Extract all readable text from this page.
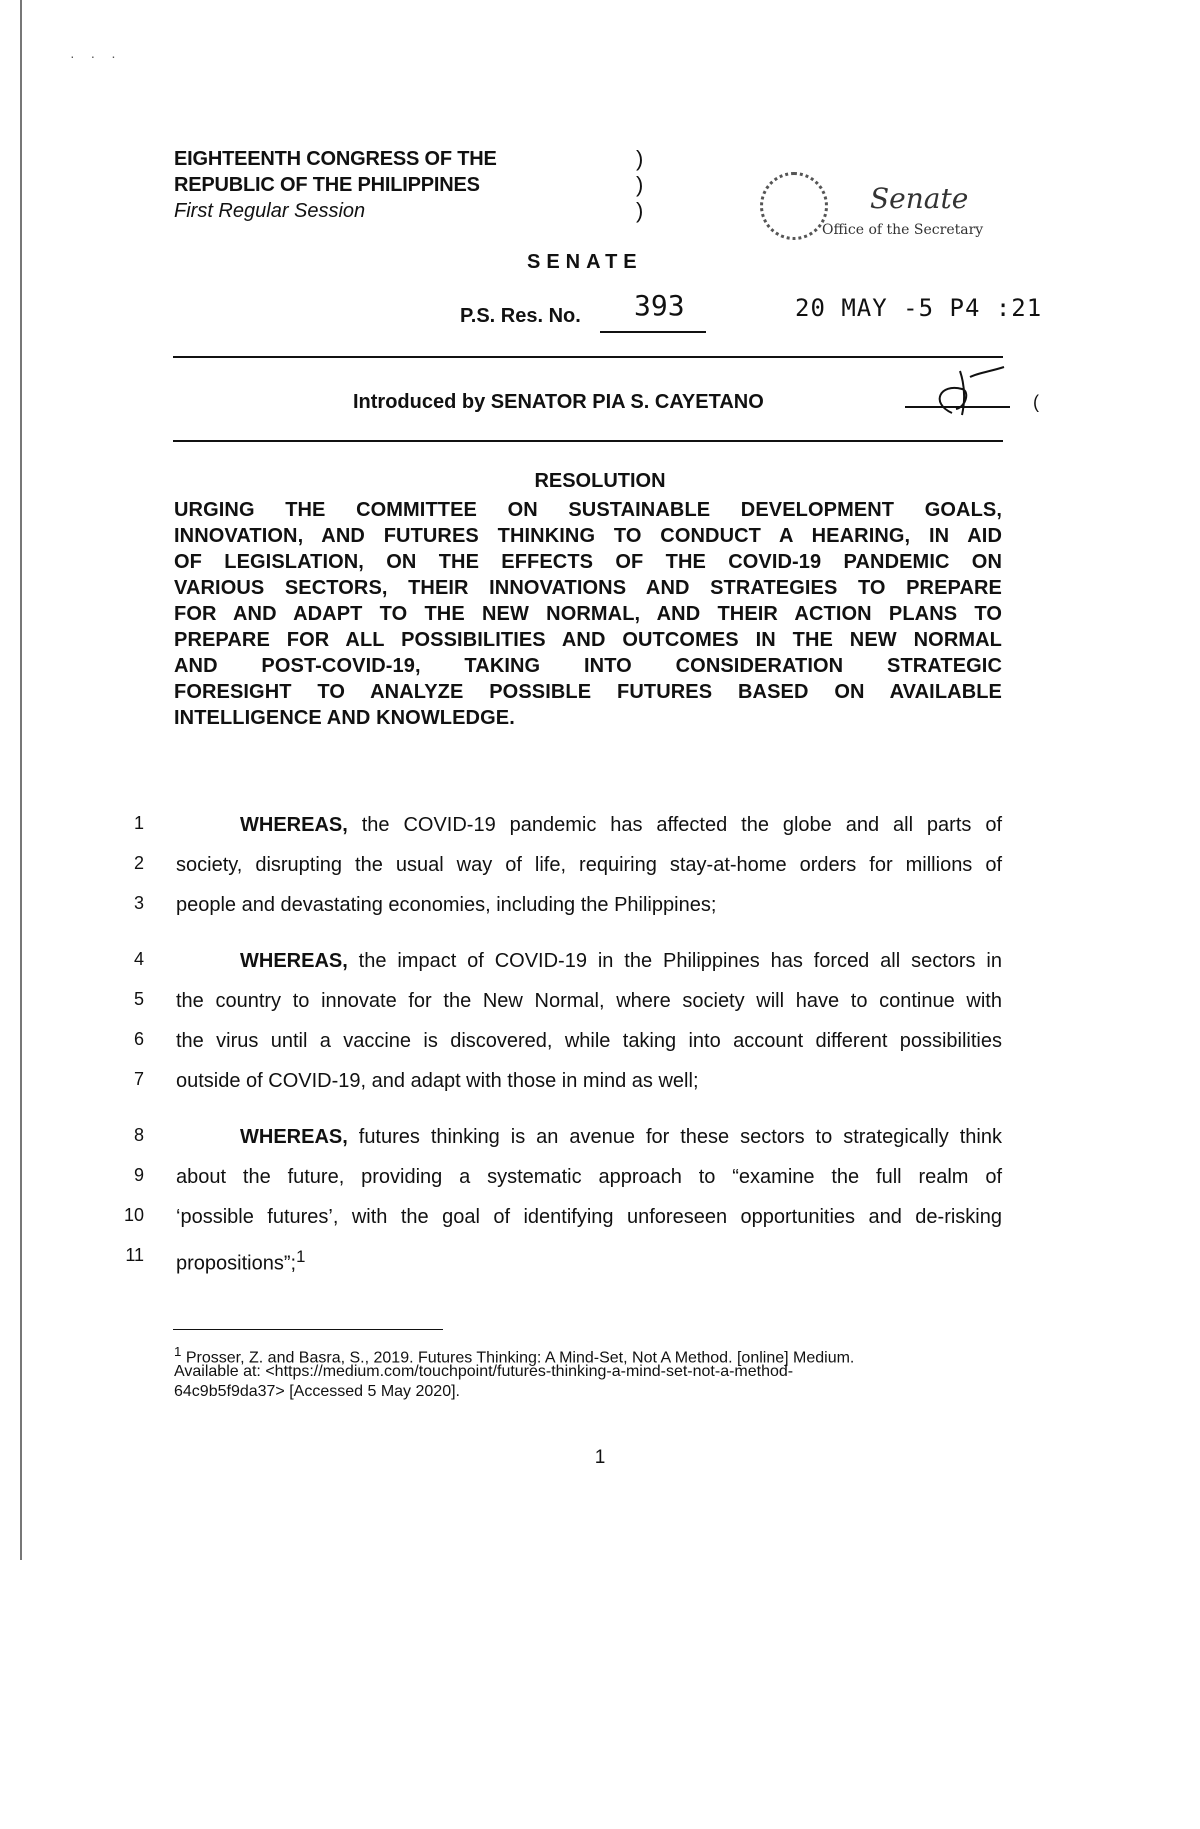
· · ·
EIGHTEENTH CONGRESS OF THE
REPUBLIC OF THE PHILIPPINES
First Regular Session
)
)
)	Senate
Office of the Secretary
SENATE
P.S. Res. No. 393	20 MAY -5 P4 :21
Introduced by SENATOR PIA S. CAYETANO	(
RESOLUTION
URGING THE COMMITTEE ON SUSTAINABLE DEVELOPMENT GOALS,
INNOVATION, AND FUTURES THINKING TO CONDUCT A HEARING, IN AID
OF LEGISLATION, ON THE EFFECTS OF THE COVID-19 PANDEMIC ON
VARIOUS SECTORS, THEIR INNOVATIONS AND STRATEGIES TO PREPARE
FOR AND ADAPT TO THE NEW NORMAL, AND THEIR ACTION PLANS TO
PREPARE FOR ALL POSSIBILITIES AND OUTCOMES IN THE NEW NORMAL
AND POST-COVID-19, TAKING INTO CONSIDERATION STRATEGIC
FORESIGHT TO ANALYZE POSSIBLE FUTURES BASED ON AVAILABLE
INTELLIGENCE AND KNOWLEDGE.
1	WHEREAS, the COVID-19 pandemic has affected the globe and all parts of
2 society, disrupting the usual way of life, requiring stay-at-home orders for millions of
3 people and devastating economies, including the Philippines;
4	WHEREAS, the impact of COVID-19 in the Philippines has forced all sectors in
5 the country to innovate for the New Normal, where society will have to continue with
6 the virus until a vaccine is discovered, while taking into account different possibilities
7 outside of COVID-19, and adapt with those in mind as well;
8	WHEREAS, futures thinking is an avenue for these sectors to strategically think
9 about the future, providing a systematic approach to “examine the full realm of
10 ‘possible futures’, with the goal of identifying unforeseen opportunities and de-risking
11 propositions”;$^1$
$^1$ Prosser, Z. and Basra, S., 2019. Futures Thinking: A Mind-Set, Not A Method. [online] Medium.
Available at: <https://medium.com/touchpoint/futures-thinking-a-mind-set-not-a-method-
64c9b5f9da37> [Accessed 5 May 2020].
1
